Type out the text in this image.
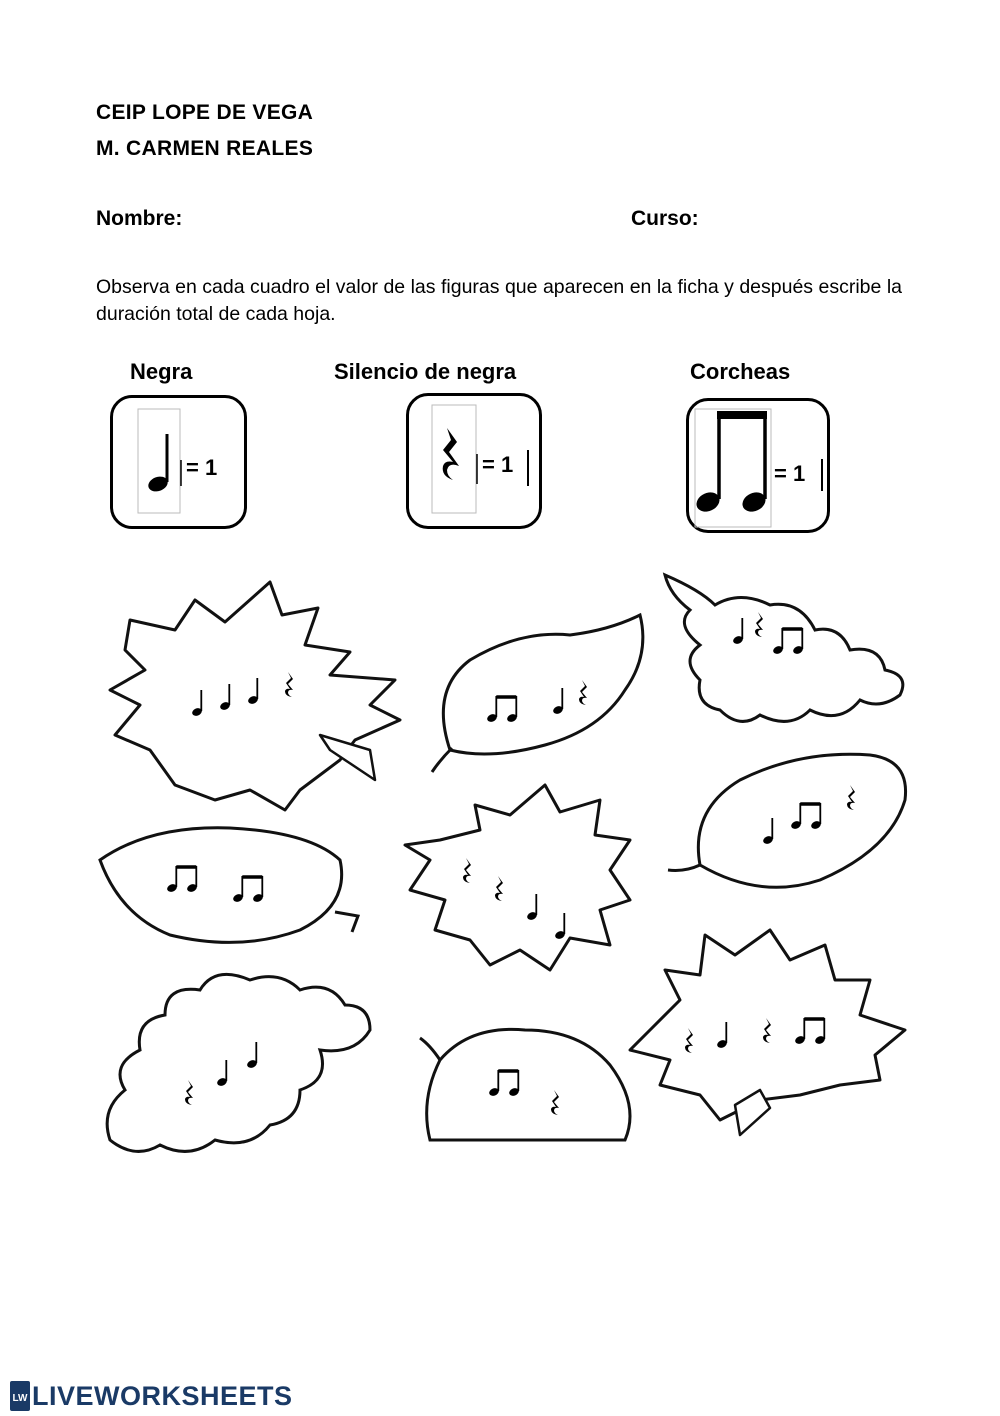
CEIP LOPE DE VEGA
M. CARMEN REALES
Nombre:	Curso:
Observa en cada cuadro el valor de las figuras que aparecen en la ficha y después escribe la duración total de cada hoja.
Negra
= 1
Silencio de negra
= 1
Corcheas
= 1
LW LIVEWORKSHEETS
